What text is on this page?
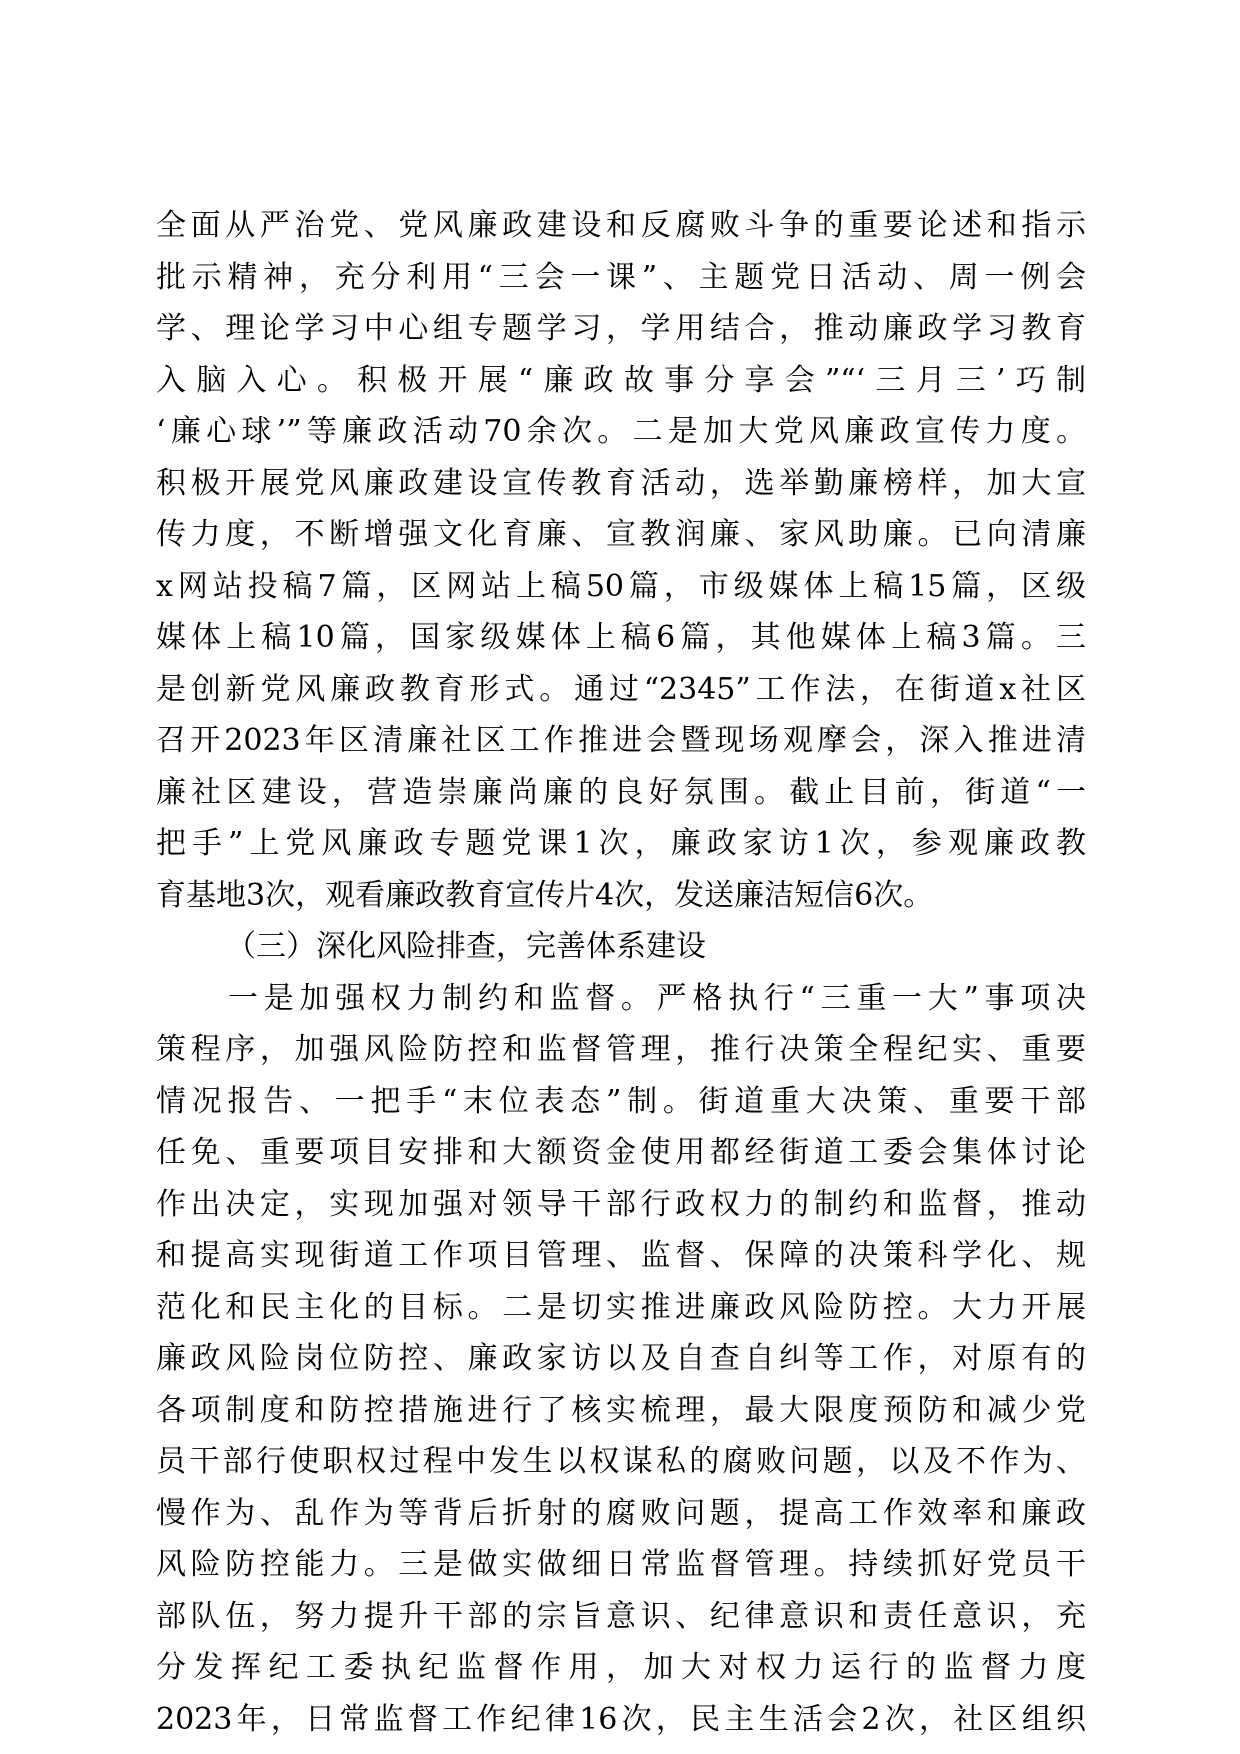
全面从严治党、党风廉政建设和反腐败斗争的重要论述和指示
批示精神，充分利用“三会一课”、主题党日活动、周一例会
学、理论学习中心组专题学习，学用结合，推动廉政学习教育
入脑入心。积极开展“廉政故事分享会”“‘三月三’巧制
‘廉心球’”等廉政活动70余次。二是加大党风廉政宣传力度。
积极开展党风廉政建设宣传教育活动，选举勤廉榜样，加大宣
传力度，不断增强文化育廉、宣教润廉、家风助廉。已向清廉
x网站投稿7篇，区网站上稿50篇，市级媒体上稿15篇，区级
媒体上稿10篇，国家级媒体上稿6篇，其他媒体上稿3篇。三
是创新党风廉政教育形式。通过“2345”工作法，在街道x社区
召开2023年区清廉社区工作推进会暨现场观摩会，深入推进清
廉社区建设，营造崇廉尚廉的良好氛围。截止目前，街道“一
把手”上党风廉政专题党课1次，廉政家访1次，参观廉政教
育基地3次，观看廉政教育宣传片4次，发送廉洁短信6次。
（三）深化风险排查，完善体系建设
一是加强权力制约和监督。严格执行“三重一大”事项决
策程序，加强风险防控和监督管理，推行决策全程纪实、重要
情况报告、一把手“末位表态”制。街道重大决策、重要干部
任免、重要项目安排和大额资金使用都经街道工委会集体讨论
作出决定，实现加强对领导干部行政权力的制约和监督，推动
和提高实现街道工作项目管理、监督、保障的决策科学化、规
范化和民主化的目标。二是切实推进廉政风险防控。大力开展
廉政风险岗位防控、廉政家访以及自查自纠等工作，对原有的
各项制度和防控措施进行了核实梳理，最大限度预防和减少党
员干部行使职权过程中发生以权谋私的腐败问题，以及不作为、
慢作为、乱作为等背后折射的腐败问题，提高工作效率和廉政
风险防控能力。三是做实做细日常监督管理。持续抓好党员干
部队伍，努力提升干部的宗旨意识、纪律意识和责任意识，充
分发挥纪工委执纪监督作用，加大对权力运行的监督力度
2023年，日常监督工作纪律16次，民主生活会2次，社区组织
